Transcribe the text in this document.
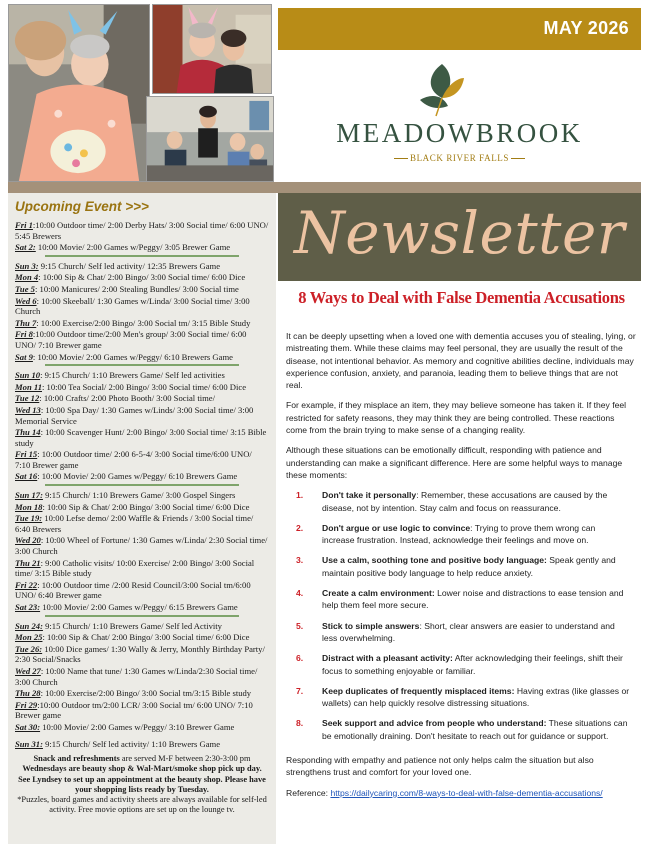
MAY 2026
MEADOWBROOK
BLACK RIVER FALLS
Newsletter
Upcoming Event >>>
Fri 1:10:00 Outdoor time/ 2:00 Derby Hats/ 3:00 Social time/ 6:00 UNO/ 5:45 Brewers
Sat 2: 10:00 Movie/ 2:00 Games w/Peggy/ 3:05 Brewer Game
Sun 3: 9:15 Church/ Self led activity/ 12:35 Brewers Game
Mon 4: 10:00 Sip & Chat/ 2:00 Bingo/ 3:00 Social time/ 6:00 Dice
Tue 5: 10:00 Manicures/ 2:00 Stealing Bundles/ 3:00 Social time
Wed 6: 10:00 Skeeball/ 1:30 Games w/Linda/ 3:00 Social time/ 3:00 Church
Thu 7: 10:00 Exercise/2:00 Bingo/ 3:00 Social tm/ 3:15 Bible Study
Fri 8:10:00 Outdoor time/2:00 Men's group/ 3:00 Social time/ 6:00 UNO/ 7:10 Brewer game
Sat 9: 10:00 Movie/ 2:00 Games w/Peggy/ 6:10 Brewers Game
Sun 10: 9:15 Church/ 1:10 Brewers Game/ Self led activities
Mon 11: 10:00 Tea Social/ 2:00 Bingo/ 3:00 Social time/ 6:00 Dice
Tue 12: 10:00 Crafts/ 2:00 Photo Booth/ 3:00 Social time/
Wed 13: 10:00 Spa Day/ 1:30 Games w/Linds/ 3:00 Social time/ 3:00 Memorial Service
Thu 14: 10:00 Scavenger Hunt/ 2:00 Bingo/ 3:00 Social time/ 3:15 Bible study
Fri 15: 10:00 Outdoor time/ 2:00 6-5-4/ 3:00 Social time/6:00 UNO/ 7:10 Brewer game
Sat 16: 10:00 Movie/ 2:00 Games w/Peggy/ 6:10 Brewers Game
Sun 17: 9:15 Church/ 1:10 Brewers Game/ 3:00 Gospel Singers
Mon 18: 10:00 Sip & Chat/ 2:00 Bingo/ 3:00 Social time/ 6:00 Dice
Tue 19: 10:00 Lefse demo/ 2:00 Waffle & Friends / 3:00 Social time/ 6:40 Brewers
Wed 20: 10:00 Wheel of Fortune/ 1:30 Games w/Linda/ 2:30 Social time/ 3:00 Church
Thu 21: 9:00 Catholic visits/ 10:00 Exercise/ 2:00 Bingo/ 3:00 Social time/ 3:15 Bible study
Fri 22: 10:00 Outdoor time /2:00 Resid Council/3:00 Social tm/6:00 UNO/ 6:40 Brewer game
Sat 23: 10:00 Movie/ 2:00 Games w/Peggy/ 6:15 Brewers Game
Sun 24: 9:15 Church/ 1:10 Brewers Game/ Self led Activity
Mon 25: 10:00 Sip & Chat/ 2:00 Bingo/ 3:00 Social time/ 6:00 Dice
Tue 26: 10:00 Dice games/ 1:30 Wally & Jerry, Monthly Birthday Party/ 2:30 Social/Snacks
Wed 27: 10:00 Name that tune/ 1:30 Games w/Linda/2:30 Social time/ 3:00 Church
Thu 28: 10:00 Exercise/2:00 Bingo/ 3:00 Social tm/3:15 Bible study
Fri 29:10:00 Outdoor tm/2:00 LCR/ 3:00 Social tm/ 6:00 UNO/ 7:10 Brewer game
Sat 30: 10:00 Movie/ 2:00 Games w/Peggy/ 3:10 Brewer Game
Sun 31: 9:15 Church/ Self led activity/ 1:10 Brewers Game
Snack and refreshments are served M-F between 2:30-3:00 pm
Wednesdays are beauty shop & Wal-Mart/smoke shop pick up day.
See Lyndsey to set up an appointment at the beauty shop. Please have your shopping lists ready by Tuesday.
*Puzzles, board games and activity sheets are always available for self-led activity. Free movie options are set up on the lounge tv.
8 Ways to Deal with False Dementia Accusations

It can be deeply upsetting when a loved one with dementia accuses you of stealing, lying, or mistreating them. While these claims may feel personal, they are usually the result of the disease, not intentional behavior. As memory and cognitive abilities decline, individuals may experience confusion, anxiety, and paranoia, leading them to believe things that are not real.

For example, if they misplace an item, they may believe someone has taken it. If they feel restricted for safety reasons, they may think they are being controlled. These reactions come from the brain trying to make sense of a changing reality.

Although these situations can be emotionally difficult, responding with patience and understanding can make a significant difference. Here are some helpful ways to manage these moments:

1. Don't take it personally: Remember, these accusations are caused by the disease, not by intention. Stay calm and focus on reassurance.
2. Don't argue or use logic to convince: Trying to prove them wrong can increase frustration. Instead, acknowledge their feelings and move on.
3. Use a calm, soothing tone and positive body language: Speak gently and maintain positive body language to help reduce anxiety.
4. Create a calm environment: Lower noise and distractions to ease tension and help them feel more secure.
5. Stick to simple answers: Short, clear answers are easier to understand and less overwhelming.
6. Distract with a pleasant activity: After acknowledging their feelings, shift their focus to something enjoyable or familiar.
7. Keep duplicates of frequently misplaced items: Having extras (like glasses or wallets) can help quickly resolve distressing situations.
8. Seek support and advice from people who understand: These situations can be emotionally draining. Don't hesitate to reach out for guidance or support.

Responding with empathy and patience not only helps calm the situation but also strengthens trust and comfort for your loved one.

Reference: https://dailycaring.com/8-ways-to-deal-with-false-dementia-accusations/
